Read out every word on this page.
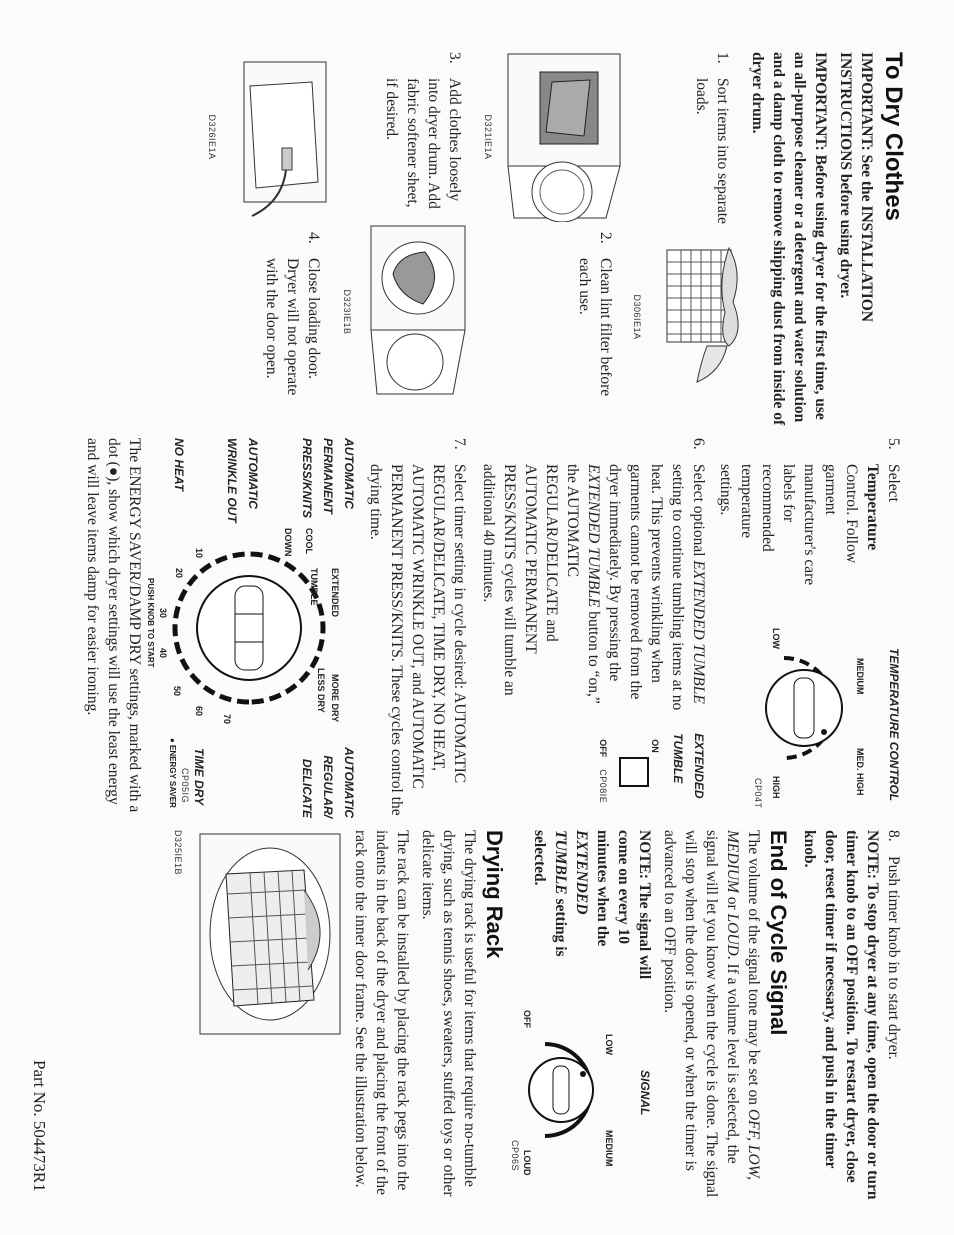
To Dry Clothes
IMPORTANT: See the INSTALLATION INSTRUCTIONS before using dryer.
IMPORTANT: Before using dryer for the first time, use an all-purpose cleaner or a detergent and water solution and a damp cloth to remove shipping dust from inside of dryer drum.
1.
Sort items into separate loads.
D306IE1A
D321IE1A
2.
Clean lint filter before each use.
3.
Add clothes loosely into dryer drum. Add fabric softener sheet, if desired.
D323IE1B
D326IE1A
4.
Close loading door. Dryer will not operate with the door open.
5.
Select Temperature Control. Follow garment manufacturer's care labels for recommended temperature settings.
TEMPERATURE CONTROL
LOW
MEDIUM
MED. HIGH
HIGH
CP04T
6.
Select optional EXTENDED TUMBLE setting to continue tumbling items at no heat. This prevents wrinkling when garments cannot be removed from the dryer immediately. By pressing the EXTENDED TUMBLE button to “on,” the AUTOMATIC REGULAR/DELICATE and AUTOMATIC PERMANENT PRESS/KNITS cycles will tumble an additional 40 minutes.
EXTENDED TUMBLE
ON
OFF
CP08IE
7.
Select timer setting in cycle desired: AUTOMATIC REGULAR/DELICATE, TIME DRY, NO HEAT, AUTOMATIC WRINKLE OUT, and AUTOMATIC PERMANENT PRESS/KNITS. These cycles control the drying time.
AUTOMATIC PERMANENT PRESS/KNITS
AUTOMATIC REGULAR/ DELICATE
AUTOMATIC WRINKLE OUT
NO HEAT
TIME DRY
COOL DOWN
EXTENDED TUMBLE
LESS DRY MORE DRY
10
20
30
40
50
60
70
PUSH KNOB TO START
● ENERGY SAVER CP05IG
The ENERGY SAVER/DAMP DRY settings, marked with a dot (●), show which dryer settings will use the least energy and will leave items damp for easier ironing.
8.
Push timer knob in to start dryer.
NOTE: To stop dryer at any time, open the door or turn timer knob to an OFF position. To restart dryer, close door, reset timer if necessary, and push in the timer knob.
End of Cycle Signal
The volume of the signal tone may be set on OFF, LOW, MEDIUM or LOUD. If a volume level is selected, the signal will let you know when the cycle is done. The signal will stop when the door is opened, or when the timer is advanced to an OFF position.
NOTE: The signal will come on every 10 minutes when the EXTENDED TUMBLE setting is selected.
SIGNAL
OFF
LOW
MEDIUM
LOUD
CP06S
Drying Rack
The drying rack is useful for items that require no-tumble drying, such as tennis shoes, sweaters, stuffed toys or other delicate items.
The rack can be installed by placing the rack pegs into the indents in the back of the dryer and placing the front of the rack onto the inner door frame. See the illustration below.
D325IE1B
Part No. 504473R1
